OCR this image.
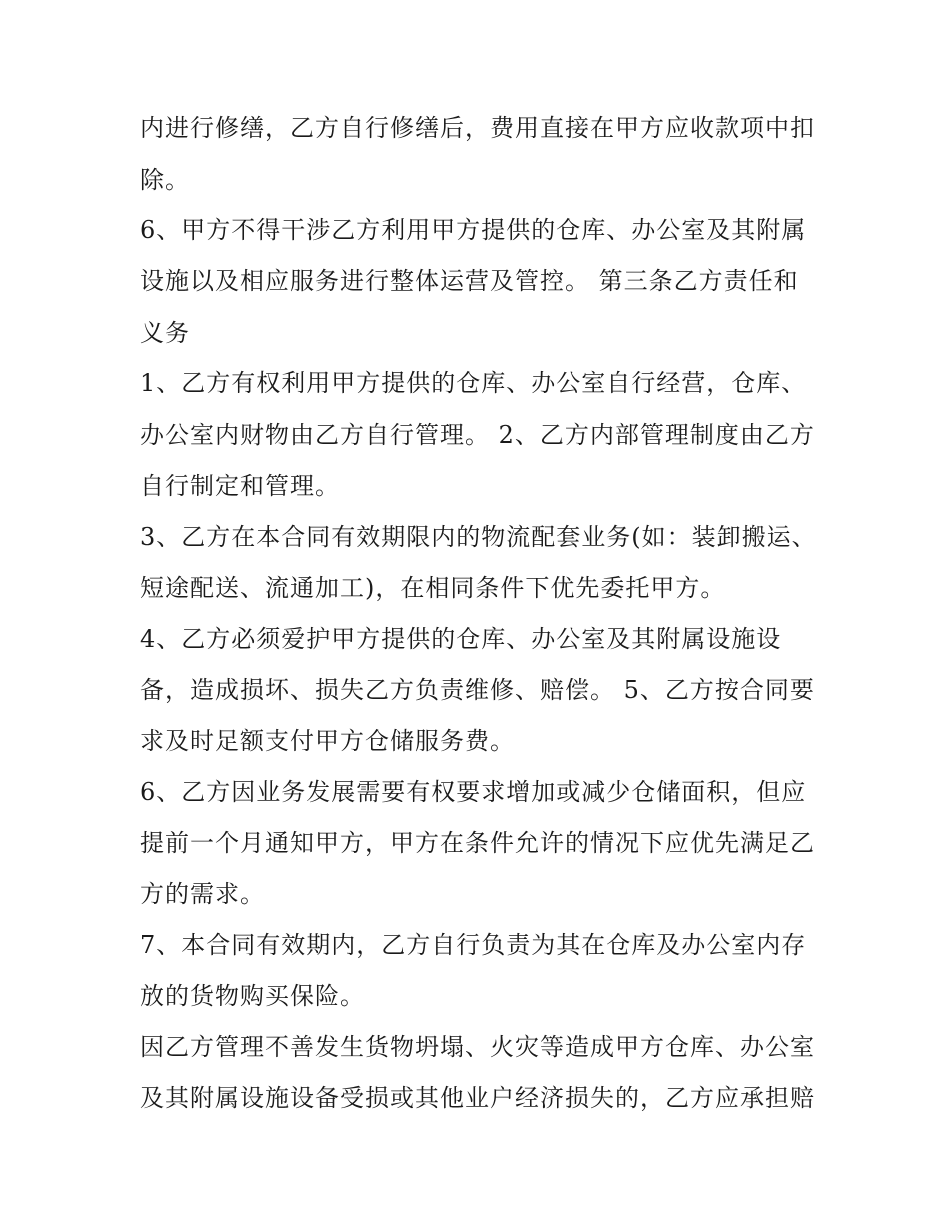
内进行修缮，乙方自行修缮后，费用直接在甲方应收款项中扣
除。
6、甲方不得干涉乙方利用甲方提供的仓库、办公室及其附属
设施以及相应服务进行整体运营及管控。 第三条乙方责任和
义务
1、乙方有权利用甲方提供的仓库、办公室自行经营，仓库、
办公室内财物由乙方自行管理。 2、乙方内部管理制度由乙方
自行制定和管理。
3、乙方在本合同有效期限内的物流配套业务(如：装卸搬运、
短途配送、流通加工)，在相同条件下优先委托甲方。
4、乙方必须爱护甲方提供的仓库、办公室及其附属设施设
备，造成损坏、损失乙方负责维修、赔偿。 5、乙方按合同要
求及时足额支付甲方仓储服务费。
6、乙方因业务发展需要有权要求增加或减少仓储面积，但应
提前一个月通知甲方，甲方在条件允许的情况下应优先满足乙
方的需求。
7、本合同有效期内，乙方自行负责为其在仓库及办公室内存
放的货物购买保险。
因乙方管理不善发生货物坍塌、火灾等造成甲方仓库、办公室
及其附属设施设备受损或其他业户经济损失的，乙方应承担赔
